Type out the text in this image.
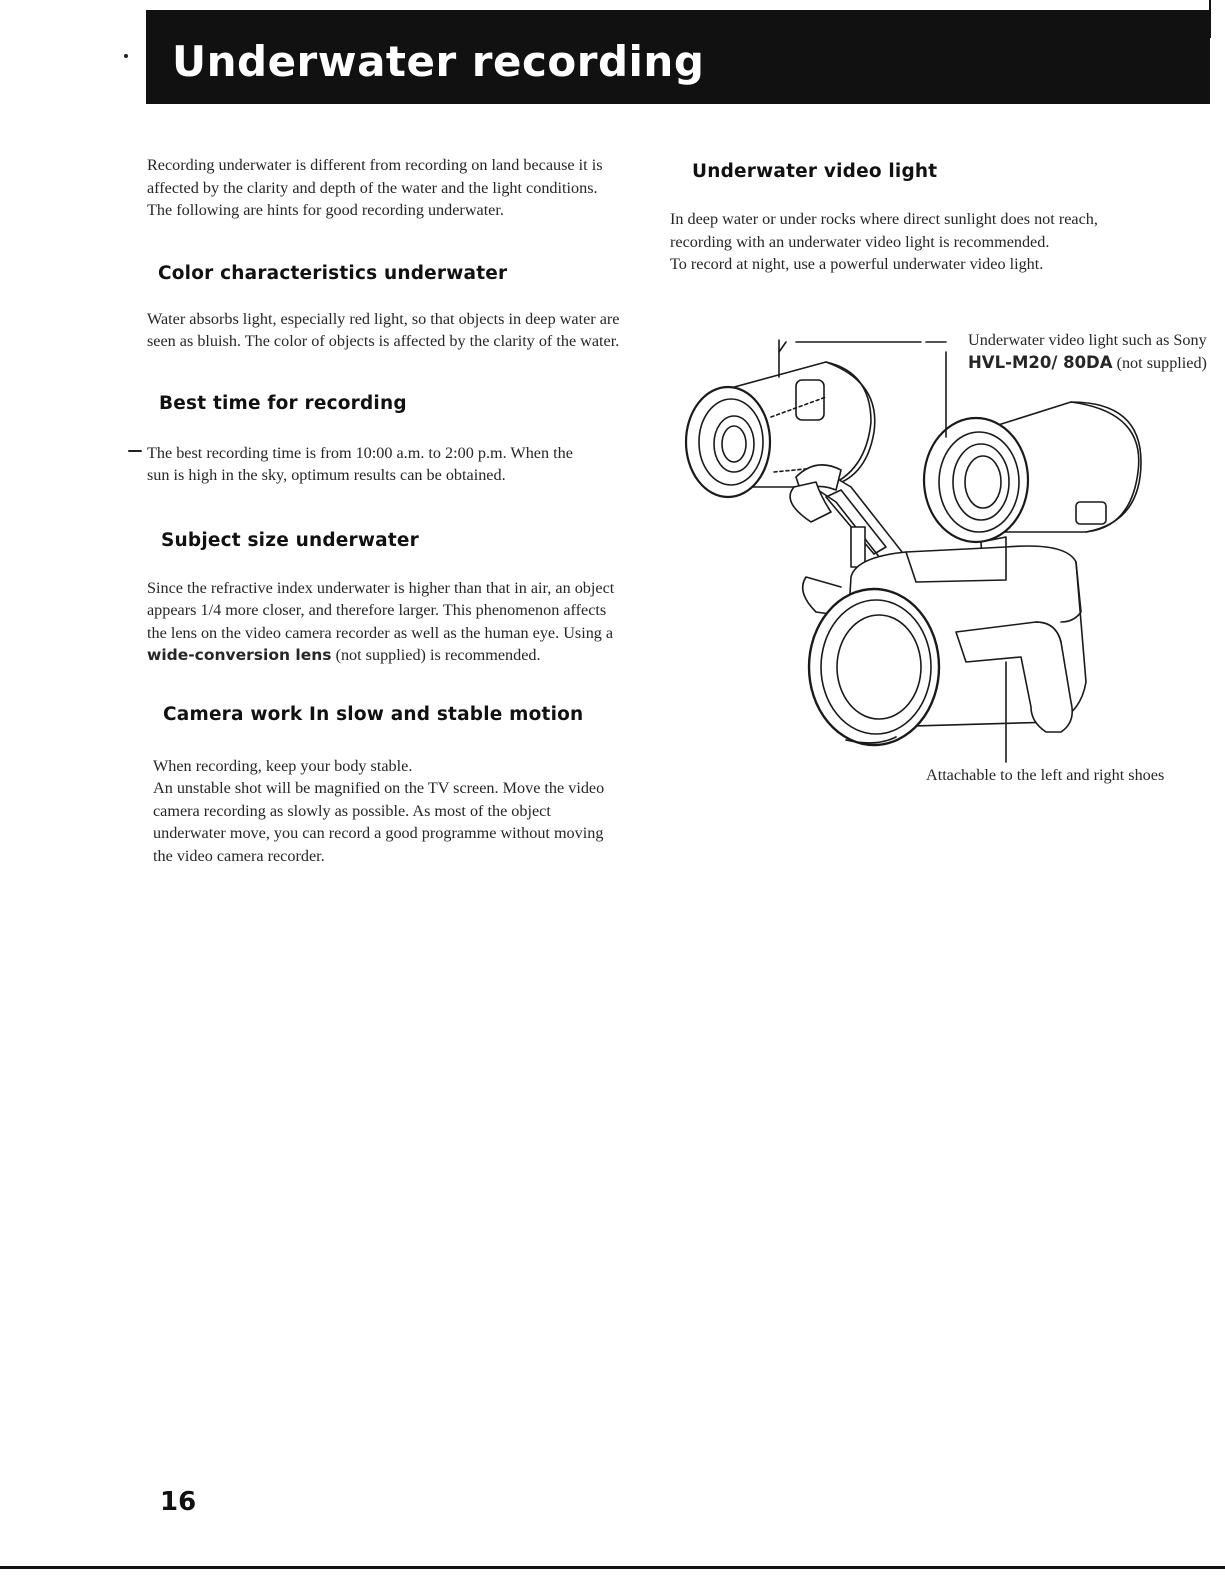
Underwater recording

Recording underwater is different from recording on land because it is affected by the clarity and depth of the water and the light conditions. The following are hints for good recording underwater.

Color characteristics underwater

Water absorbs light, especially red light, so that objects in deep water are seen as bluish. The color of objects is affected by the clarity of the water.

Best time for recording

The best recording time is from 10:00 a.m. to 2:00 p.m. When the sun is high in the sky, optimum results can be obtained.

Subject size underwater

Since the refractive index underwater is higher than that in air, an object appears 1/4 more closer, and therefore larger. This phenomenon affects the lens on the video camera recorder as well as the human eye. Using a wide-conversion lens (not supplied) is recommended.

Camera work In slow and stable motion

When recording, keep your body stable.

An unstable shot will be magnified on the TV screen. Move the video camera recording as slowly as possible. As most of the object underwater move, you can record a good programme without moving the video camera recorder.

Underwater video light

In deep water or under rocks where direct sunlight does not reach, recording with an underwater video light is recommended.

To record at night, use a powerful underwater video light.

Underwater video light such as Sony HVL-M20/ 80DA (not supplied)
Attachable to the left and right shoes
16
